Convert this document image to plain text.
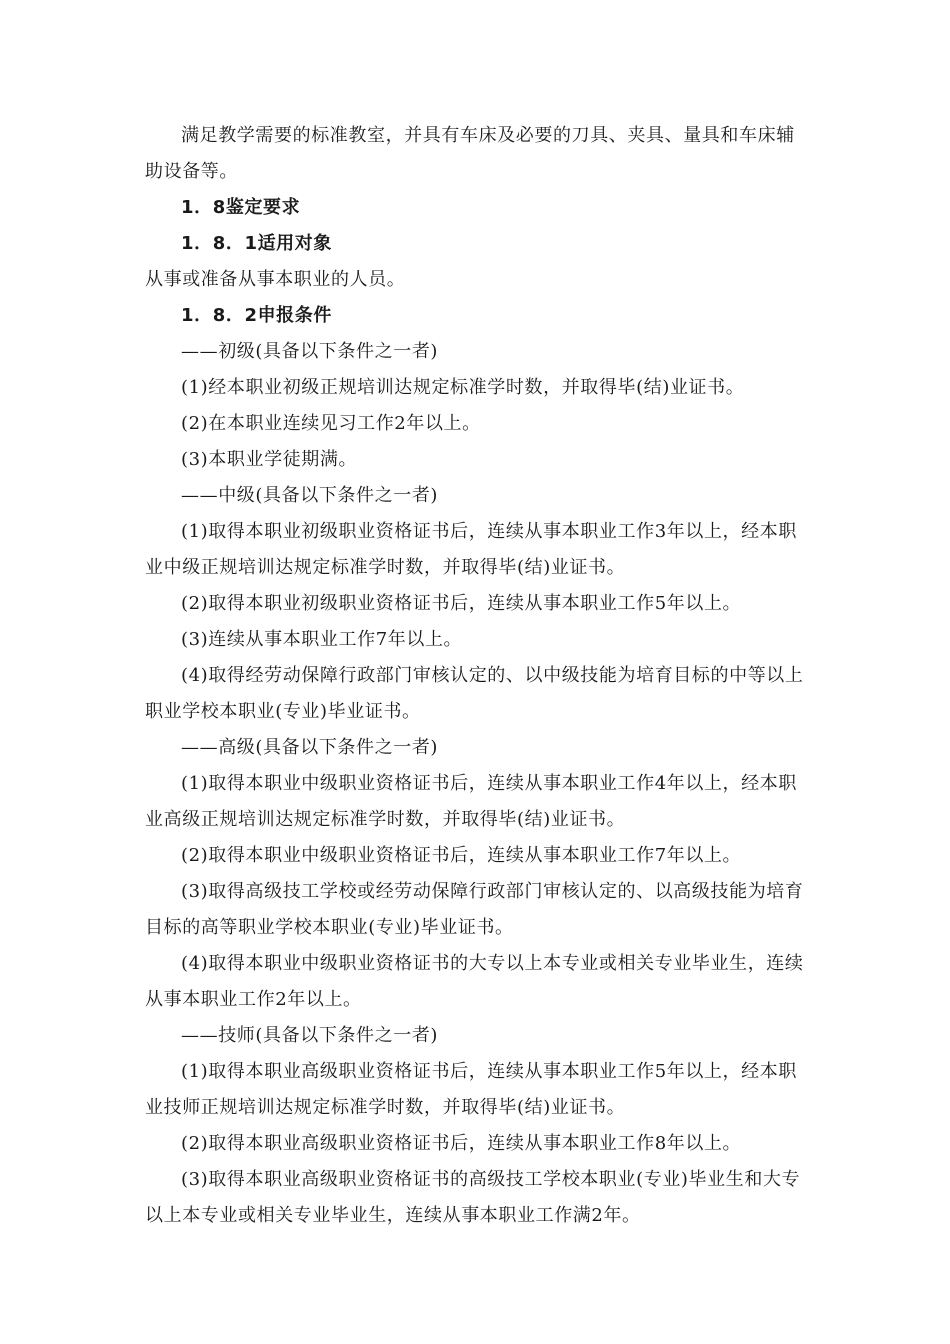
满足教学需要的标准教室，并具有车床及必要的刀具、夹具、量具和车床辅助设备等。

1．8鉴定要求

1．8．1适用对象

从事或准备从事本职业的人员。

1．8．2申报条件

——初级(具备以下条件之一者)

(1)经本职业初级正规培训达规定标准学时数，并取得毕(结)业证书。

(2)在本职业连续见习工作2年以上。

(3)本职业学徒期满。

——中级(具备以下条件之一者)

(1)取得本职业初级职业资格证书后，连续从事本职业工作3年以上，经本职业中级正规培训达规定标准学时数，并取得毕(结)业证书。

(2)取得本职业初级职业资格证书后，连续从事本职业工作5年以上。

(3)连续从事本职业工作7年以上。

(4)取得经劳动保障行政部门审核认定的、以中级技能为培育目标的中等以上职业学校本职业(专业)毕业证书。

——高级(具备以下条件之一者)

(1)取得本职业中级职业资格证书后，连续从事本职业工作4年以上，经本职业高级正规培训达规定标准学时数，并取得毕(结)业证书。

(2)取得本职业中级职业资格证书后，连续从事本职业工作7年以上。

(3)取得高级技工学校或经劳动保障行政部门审核认定的、以高级技能为培育目标的高等职业学校本职业(专业)毕业证书。

(4)取得本职业中级职业资格证书的大专以上本专业或相关专业毕业生，连续从事本职业工作2年以上。

——技师(具备以下条件之一者)

(1)取得本职业高级职业资格证书后，连续从事本职业工作5年以上，经本职业技师正规培训达规定标准学时数，并取得毕(结)业证书。

(2)取得本职业高级职业资格证书后，连续从事本职业工作8年以上。

(3)取得本职业高级职业资格证书的高级技工学校本职业(专业)毕业生和大专以上本专业或相关专业毕业生，连续从事本职业工作满2年。
